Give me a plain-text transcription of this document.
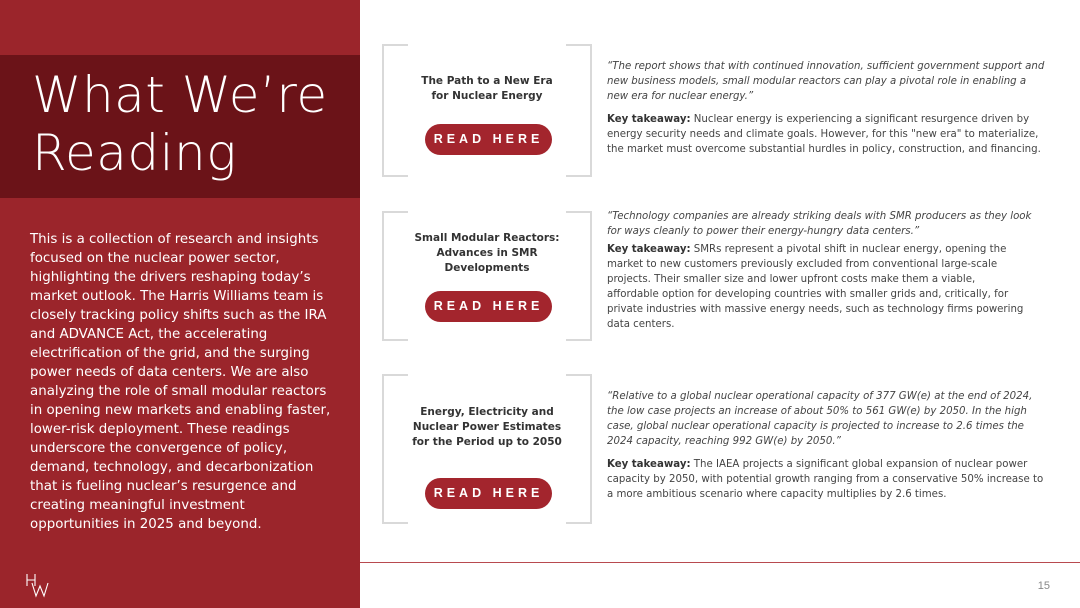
What We’re Reading

This is a collection of research and insights focused on the nuclear power sector, highlighting the drivers reshaping today’s market outlook. The Harris Williams team is closely tracking policy shifts such as the IRA and ADVANCE Act, the accelerating electrification of the grid, and the surging power needs of data centers. We are also analyzing the role of small modular reactors in opening new markets and enabling faster, lower-risk deployment. These readings underscore the convergence of policy, demand, technology, and decarbonization that is fueling nuclear’s resurgence and creating meaningful investment opportunities in 2025 and beyond.

The Path to a New Era for Nuclear Energy

READ HERE

“The report shows that with continued innovation, sufficient government support and new business models, small modular reactors can play a pivotal role in enabling a new era for nuclear energy.”

Key takeaway: Nuclear energy is experiencing a significant resurgence driven by energy security needs and climate goals. However, for this "new era" to materialize, the market must overcome substantial hurdles in policy, construction, and financing.

Small Modular Reactors: Advances in SMR Developments

READ HERE

“Technology companies are already striking deals with SMR producers as they look for ways cleanly to power their energy-hungry data centers.”

Key takeaway: SMRs represent a pivotal shift in nuclear energy, opening the market to new customers previously excluded from conventional large-scale projects. Their smaller size and lower upfront costs make them a viable, affordable option for developing countries with smaller grids and, critically, for private industries with massive energy needs, such as technology firms powering data centers.

Energy, Electricity and Nuclear Power Estimates for the Period up to 2050

READ HERE

“Relative to a global nuclear operational capacity of 377 GW(e) at the end of 2024, the low case projects an increase of about 50% to 561 GW(e) by 2050. In the high case, global nuclear operational capacity is projected to increase to 2.6 times the 2024 capacity, reaching 992 GW(e) by 2050.”

Key takeaway: The IAEA projects a significant global expansion of nuclear power capacity by 2050, with potential growth ranging from a conservative 50% increase to a more ambitious scenario where capacity multiplies by 2.6 times.

15
